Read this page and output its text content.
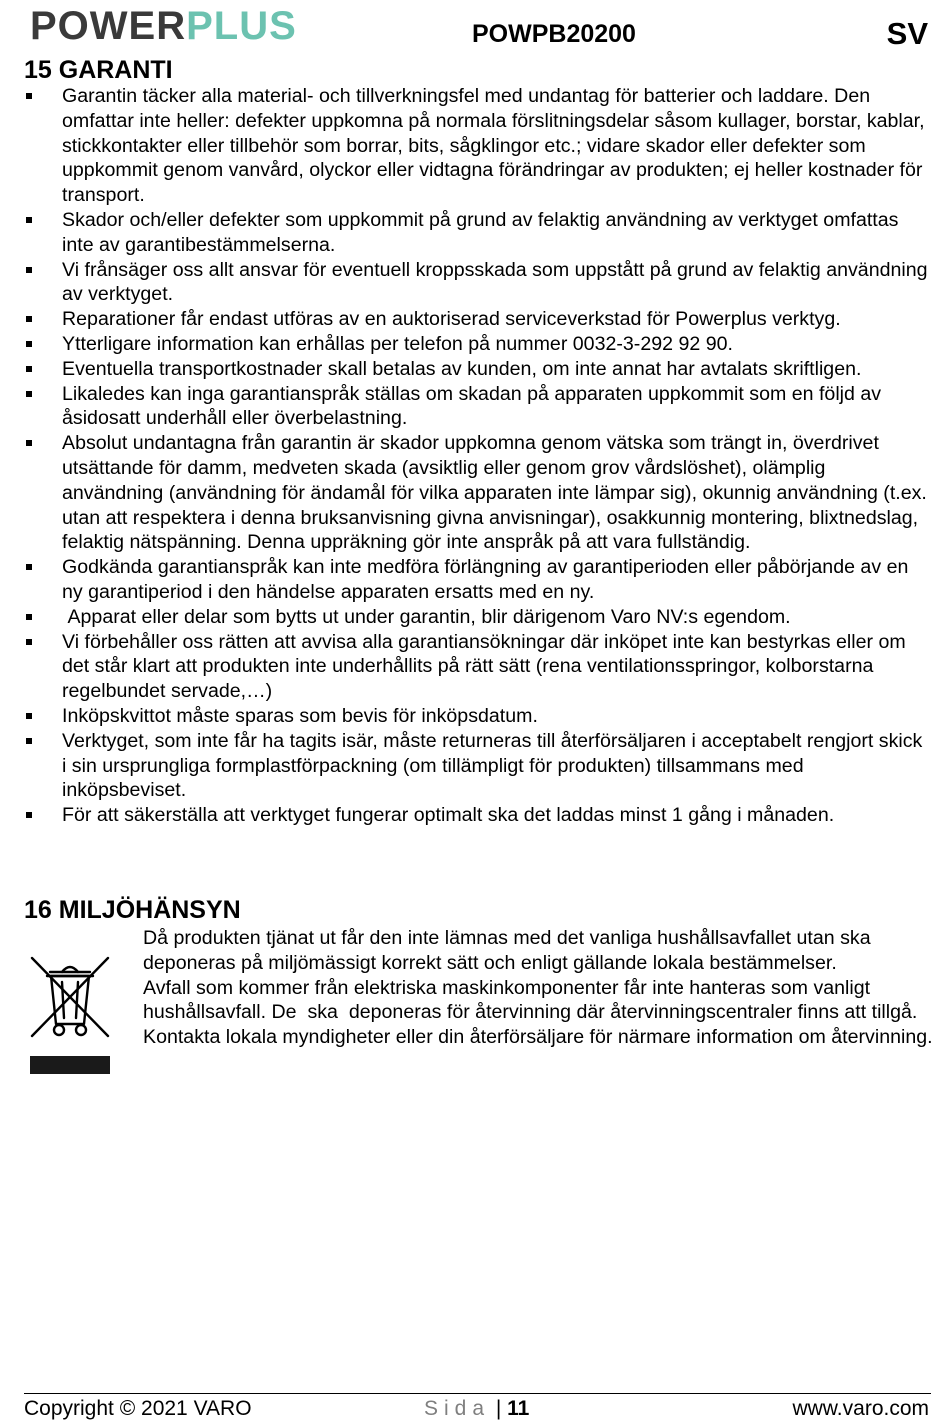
POWERPLUS	POWPB20200	SV
15 GARANTI
Garantin täcker alla material- och tillverkningsfel med undantag för batterier och laddare. Den omfattar inte heller: defekter uppkomna på normala förslitningsdelar såsom kullager, borstar, kablar, stickkontakter eller tillbehör som borrar, bits, sågklingor etc.; vidare skador eller defekter som uppkommit genom vanvård, olyckor eller vidtagna förändringar av produkten; ej heller kostnader för transport.
Skador och/eller defekter som uppkommit på grund av felaktig användning av verktyget omfattas inte av garantibestämmelserna.
Vi frånsäger oss allt ansvar för eventuell kroppsskada som uppstått på grund av felaktig användning av verktyget.
Reparationer får endast utföras av en auktoriserad serviceverkstad för Powerplus verktyg.
Ytterligare information kan erhållas per telefon på nummer 0032-3-292 92 90.
Eventuella transportkostnader skall betalas av kunden, om inte annat har avtalats skriftligen.
Likaledes kan inga garantianspråk ställas om skadan på apparaten uppkommit som en följd av åsidosatt underhåll eller överbelastning.
Absolut undantagna från garantin är skador uppkomna genom vätska som trängt in, överdrivet utsättande för damm, medveten skada (avsiktlig eller genom grov vårdslöshet), olämplig användning (användning för ändamål för vilka apparaten inte lämpar sig), okunnig användning (t.ex. utan att respektera i denna bruksanvisning givna anvisningar), osakkunnig montering, blixtnedslag, felaktig nätspänning. Denna uppräkning gör inte anspråk på att vara fullständig.
Godkända garantianspråk kan inte medföra förlängning av garantiperioden eller påbörjande av en ny garantiperiod i den händelse apparaten ersatts med en ny.
Apparat eller delar som bytts ut under garantin, blir därigenom Varo NV:s egendom.
Vi förbehåller oss rätten att avvisa alla garantiansökningar där inköpet inte kan bestyrkas eller om det står klart att produkten inte underhållits på rätt sätt (rena ventilationsspringor, kolborstarna regelbundet servade,…)
Inköpskvittot måste sparas som bevis för inköpsdatum.
Verktyget, som inte får ha tagits isär, måste returneras till återförsäljaren i acceptabelt rengjort skick i sin ursprungliga formplastförpackning (om tillämpligt för produkten) tillsammans med inköpsbeviset.
För att säkerställa att verktyget fungerar optimalt ska det laddas minst 1 gång i månaden.
16 MILJÖHÄNSYN

Då produkten tjänat ut får den inte lämnas med det vanliga hushållsavfallet utan ska deponeras på miljömässigt korrekt sätt och enligt gällande lokala bestämmelser.

Avfall som kommer från elektriska maskinkomponenter får inte hanteras som vanligt hushållsavfall. De  ska  deponeras för återvinning där återvinningscentraler finns att tillgå. Kontakta lokala myndigheter eller din återförsäljare för närmare information om återvinning.

Copyright © 2021 VARO	Sida | 11	www.varo.com
